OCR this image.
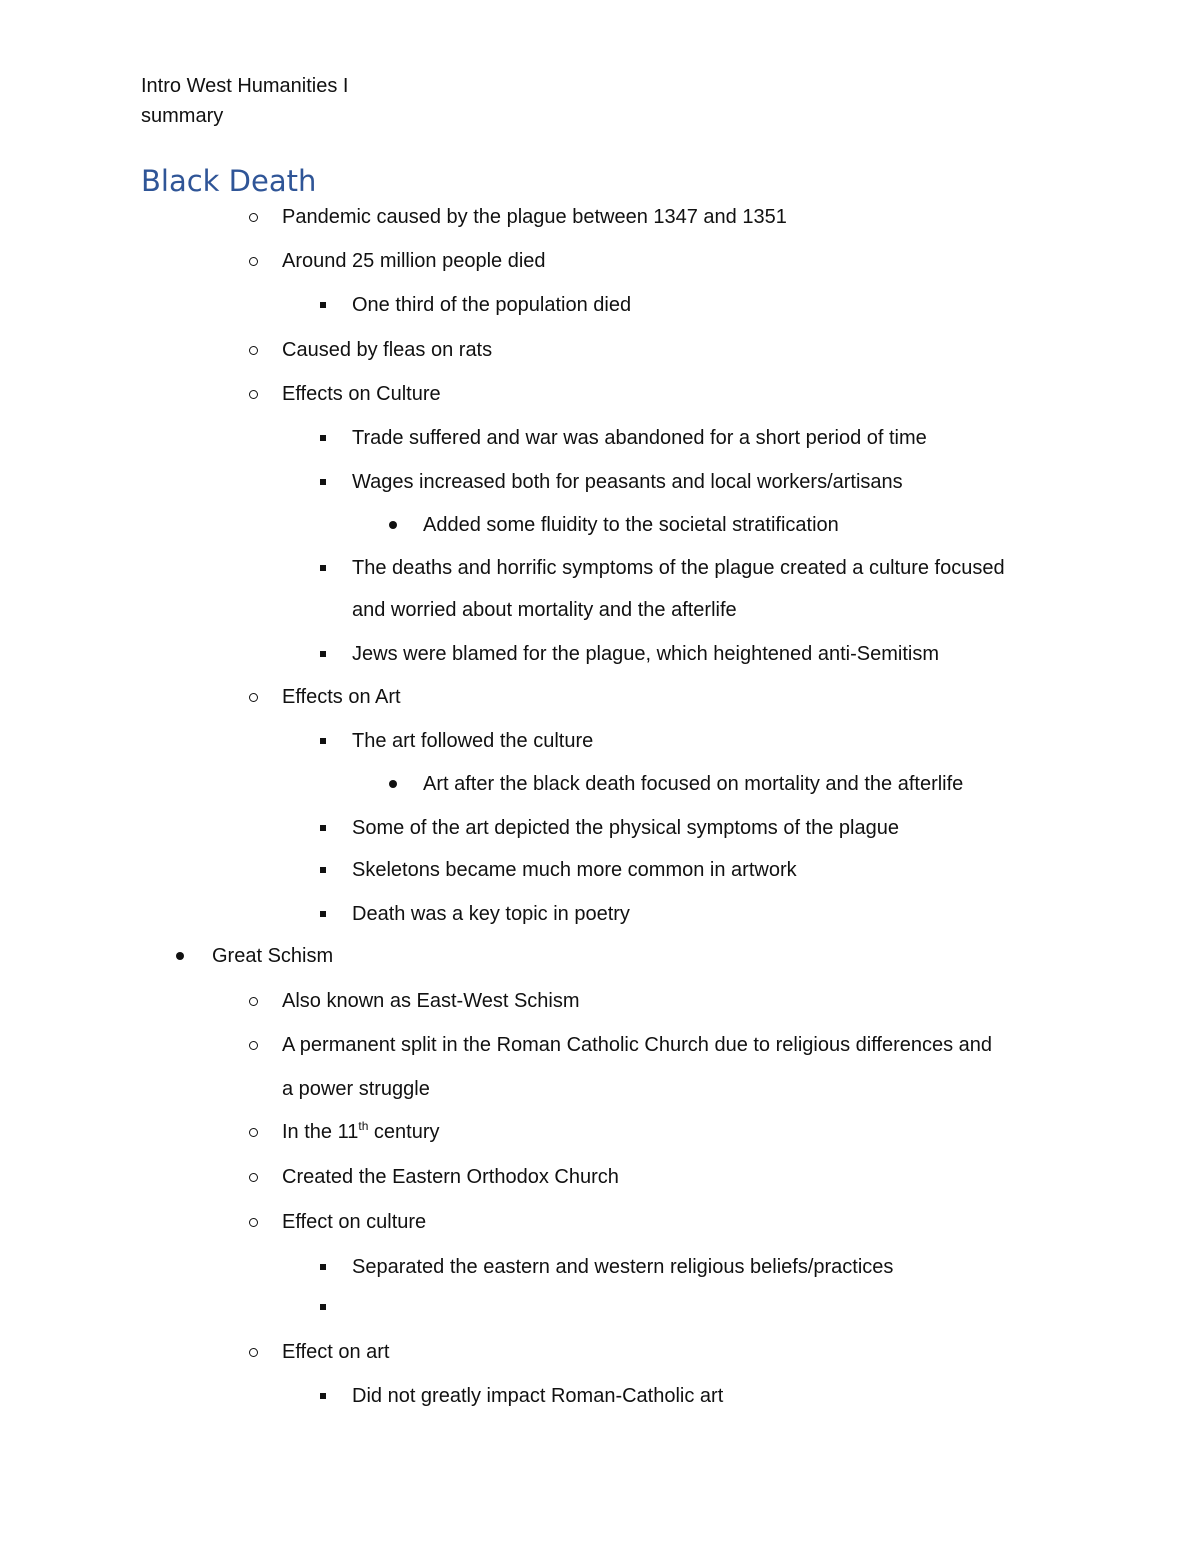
Intro West Humanities I
summary
Black Death
Pandemic caused by the plague between 1347 and 1351
Around 25 million people died
One third of the population died
Caused by fleas on rats
Effects on Culture
Trade suffered and war was abandoned for a short period of time
Wages increased both for peasants and local workers/artisans
Added some fluidity to the societal stratification
The deaths and horrific symptoms of the plague created a culture focused
and worried about mortality and the afterlife
Jews were blamed for the plague, which heightened anti-Semitism
Effects on Art
The art followed the culture
Art after the black death focused on mortality and the afterlife
Some of the art depicted the physical symptoms of the plague
Skeletons became much more common in artwork
Death was a key topic in poetry
Great Schism
Also known as East-West Schism
A permanent split in the Roman Catholic Church due to religious differences and
a power struggle
In the 11th century
Created the Eastern Orthodox Church
Effect on culture
Separated the eastern and western religious beliefs/practices
Effect on art
Did not greatly impact Roman-Catholic art
